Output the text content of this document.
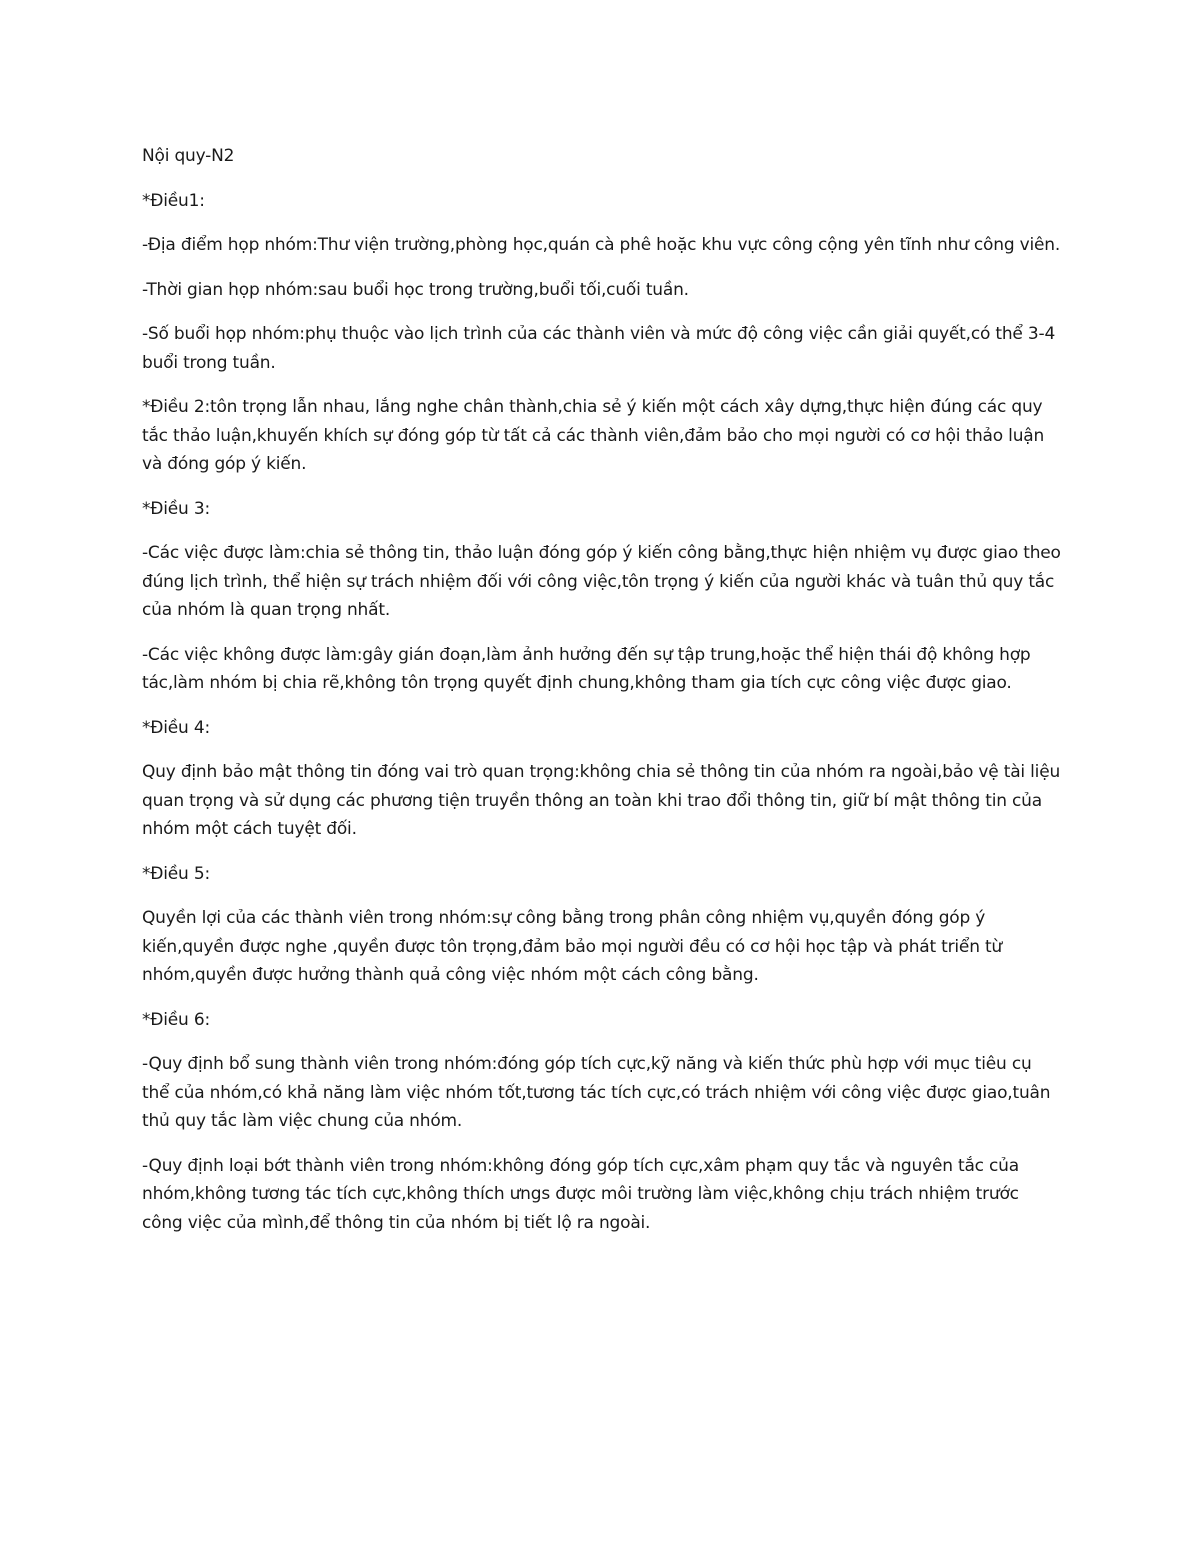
Nội quy-N2

*Điều1:

-Địa điểm họp nhóm:Thư viện trường,phòng học,quán cà phê hoặc khu vực công cộng yên tĩnh như công viên.

-Thời gian họp nhóm:sau buổi học trong trường,buổi tối,cuối tuần.

-Số buổi họp nhóm:phụ thuộc vào lịch trình của các thành viên và mức độ công việc cần giải quyết,có thể 3-4 buổi trong tuần.

*Điều 2:tôn trọng lẫn nhau, lắng nghe chân thành,chia sẻ ý kiến một cách xây dựng,thực hiện đúng các quy tắc thảo luận,khuyến khích sự đóng góp từ tất cả các thành viên,đảm bảo cho mọi người có cơ hội thảo luận và đóng góp ý kiến.

*Điều 3:

-Các việc được làm:chia sẻ thông tin, thảo luận đóng góp ý kiến công bằng,thực hiện nhiệm vụ được giao theo đúng lịch trình, thể hiện sự trách nhiệm đối với công việc,tôn trọng ý kiến của người khác và tuân thủ quy tắc của nhóm là quan trọng nhất.

-Các việc không được làm:gây gián đoạn,làm ảnh hưởng đến sự tập trung,hoặc thể hiện thái độ không hợp tác,làm nhóm bị chia rẽ,không tôn trọng quyết định chung,không tham gia tích cực công việc được giao.

*Điều 4:

Quy định bảo mật thông tin đóng vai trò quan trọng:không chia sẻ thông tin của nhóm ra ngoài,bảo vệ tài liệu quan trọng và sử dụng các phương tiện truyền thông an toàn khi trao đổi thông tin, giữ bí mật thông tin của nhóm một cách tuyệt đối.

*Điều 5:

Quyền lợi của các thành viên trong nhóm:sự công bằng trong phân công nhiệm vụ,quyền đóng góp ý kiến,quyền được nghe ,quyền được tôn trọng,đảm bảo mọi người đều có cơ hội học tập và phát triển từ nhóm,quyền được hưởng thành quả công việc nhóm một cách công bằng.

*Điều 6:

-Quy định bổ sung thành viên trong nhóm:đóng góp tích cực,kỹ năng và kiến thức phù hợp với mục tiêu cụ thể của nhóm,có khả năng làm việc nhóm tốt,tương tác tích cực,có trách nhiệm với công việc được giao,tuân thủ quy tắc làm việc chung của nhóm.

-Quy định loại bớt thành viên trong nhóm:không đóng góp tích cực,xâm phạm quy tắc và nguyên tắc của nhóm,không tương tác tích cực,không thích ưngs được môi trường làm việc,không chịu trách nhiệm trước công việc của mình,để thông tin của nhóm bị tiết lộ ra ngoài.
